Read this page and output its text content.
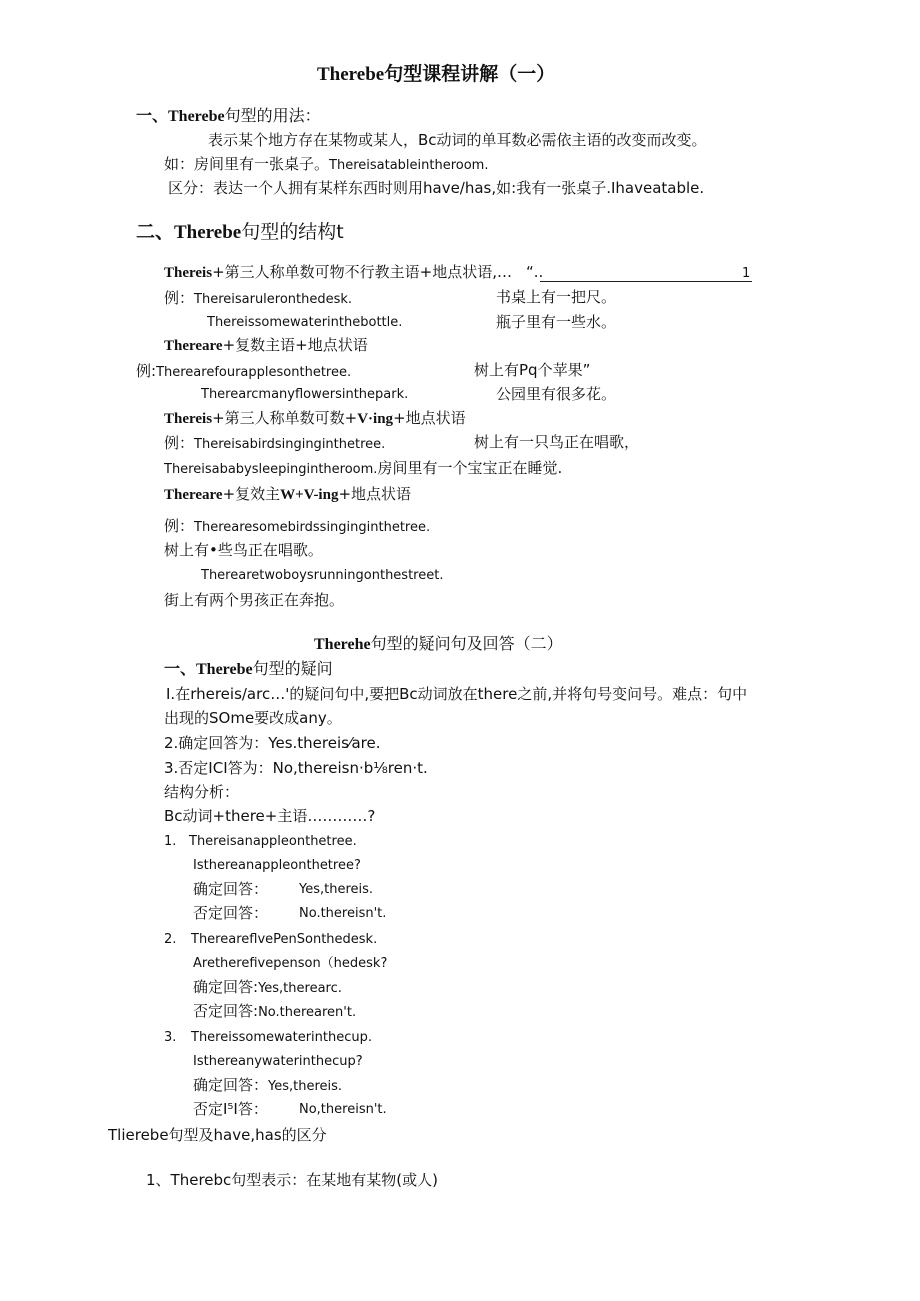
Therebe句型课程讲解（一）
一、Therebe句型的用法：
表示某个地方存在某物或某人，Bc动词的单耳数必需依主语的改变而改变。
如：房间里有一张桌子。Thereisatableintheroom.
区分：表达一个人拥有某样东西时则用have/has,如:我有一张桌子.Ihaveatable.
二、Therebe句型的结构t
Thereis+第三人称单数可物不行教主语+地点状语,… “..	1
例：Thereisaruleronthedesk.	书桌上有一把尺。
Thereissomewaterinthebottle.	瓶子里有一些水。
Thereare+复数主语+地点状语
例:Therearefourapplesonthetree.	树上有Pq个苹果”
Therearcmanyflowersinthepark.	公园里有很多花。
Thereis+第三人称单数可数+V·ing+地点状语
例：Thereisabirdsinginginthetree.	树上有一只鸟正在唱歌，
Thereisababysleepingintheroom.房间里有一个宝宝正在睡觉.
Thereare+复效主W+V-ing+地点状语
例：Therearesomebirdssinginginthetree.
树上有•些鸟正在唱歌。
Therearetwoboysrunningonthestreet.
街上有两个男孩正在奔抱。
Therehe句型的疑问句及回答（二）
一、Therebe句型的疑问
I.在rhereis/arc…'的疑问句中,要把Bc动词放在there之前,并将句号变问号。难点：句中
出现的SOme要改成any。
2.确定回答为：Yes.thereis⁄are.
3.否定ICI答为：No,thereisn·b⅛ren·t.
结构分析：
Bc动词+there+主语…………?
1. Thereisanappleonthetree.
Isthereanappleonthetree?
确定回答： Yes,thereis.
否定回答： No.thereisn't.
2. ThereareflvePenSonthedesk.
Aretherefivepenson（hedesk?
确定回答:Yes,therearc.
否定回答:No.therearen't.
3. Thereissomewaterinthecup.
Isthereanywaterinthecup?
确定回答：Yes,thereis.
否定I⁵I答： No,thereisn't.
Tlierebe句型及have,has的区分
1、Therebc句型表示：在某地有某物(或人)
